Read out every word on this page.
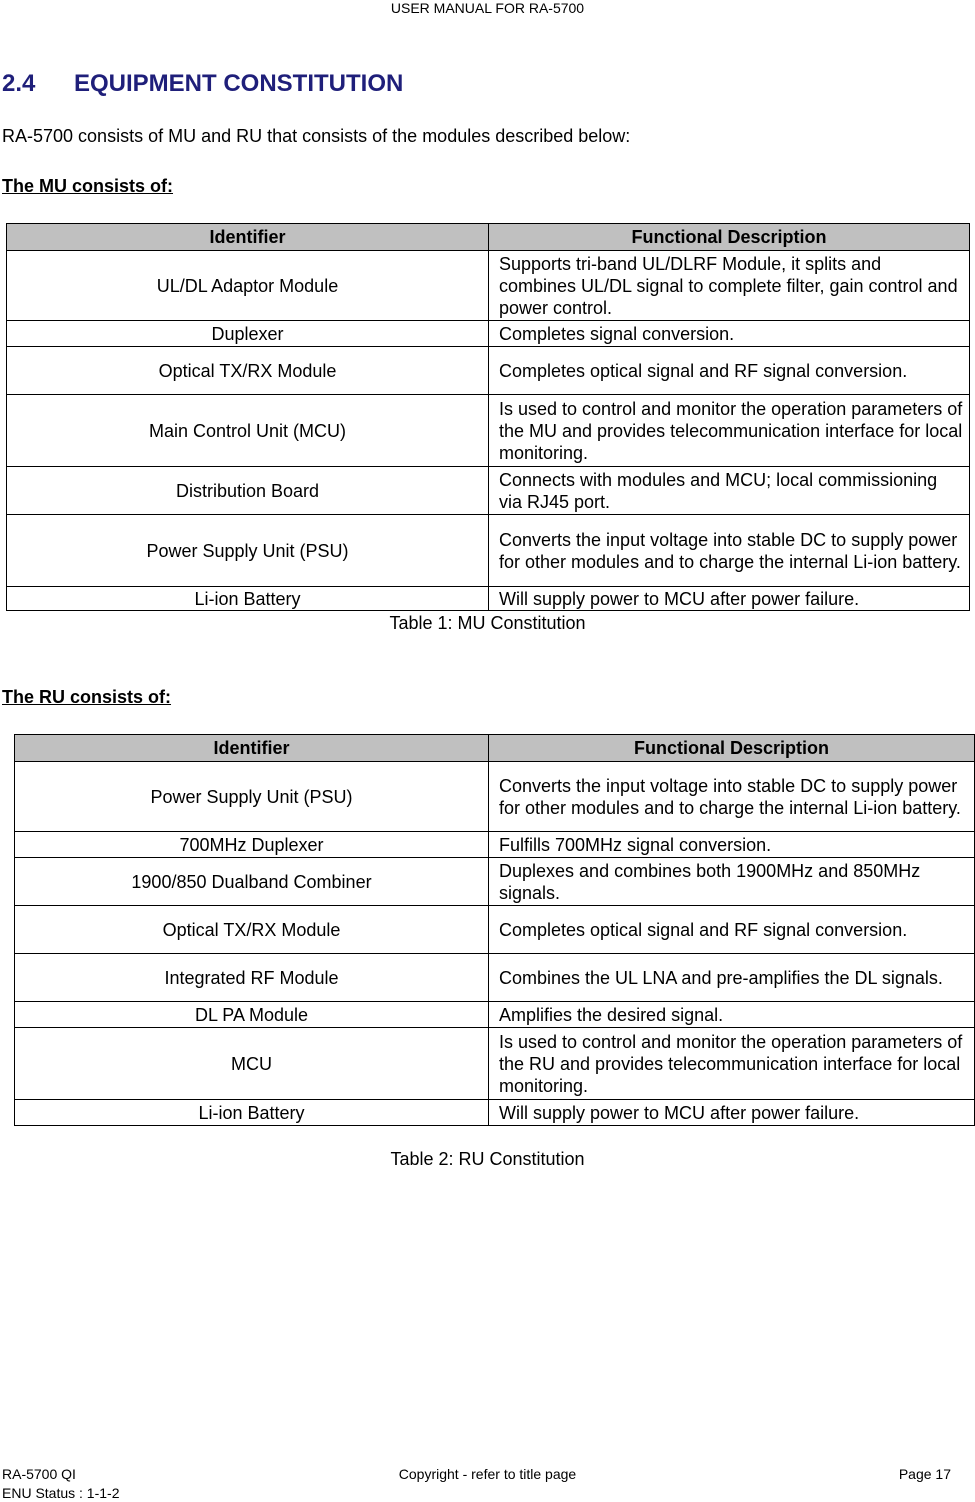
USER MANUAL FOR RA-5700
2.4	EQUIPMENT CONSTITUTION
RA-5700 consists of MU and RU that consists of the modules described below:
The MU consists of:
Identifier	Functional Description
UL/DL Adaptor Module	Supports tri-band UL/DLRF Module, it splits and combines UL/DL signal to complete filter, gain control and power control.
Duplexer	Completes signal conversion.
Optical TX/RX Module	Completes optical signal and RF signal conversion.
Main Control Unit (MCU)	Is used to control and monitor the operation parameters of the MU and provides telecommunication interface for local monitoring.
Distribution Board	Connects with modules and MCU; local commissioning via RJ45 port.
Power Supply Unit (PSU)	Converts the input voltage into stable DC to supply power for other modules and to charge the internal Li-ion battery.
Li-ion Battery	Will supply power to MCU after power failure.
Table 1: MU Constitution
The RU consists of:
Identifier	Functional Description
Power Supply Unit (PSU)	Converts the input voltage into stable DC to supply power for other modules and to charge the internal Li-ion battery.
700MHz Duplexer	Fulfills 700MHz signal conversion.
1900/850 Dualband Combiner	Duplexes and combines both 1900MHz and 850MHz signals.
Optical TX/RX Module	Completes optical signal and RF signal conversion.
Integrated RF Module	Combines the UL LNA and pre-amplifies the DL signals.
DL PA Module	Amplifies the desired signal.
MCU	Is used to control and monitor the operation parameters of the RU and provides telecommunication interface for local monitoring.
Li-ion Battery	Will supply power to MCU after power failure.
Table 2: RU Constitution
RA-5700 QI	Copyright - refer to title page	Page 17
ENU Status : 1-1-2
